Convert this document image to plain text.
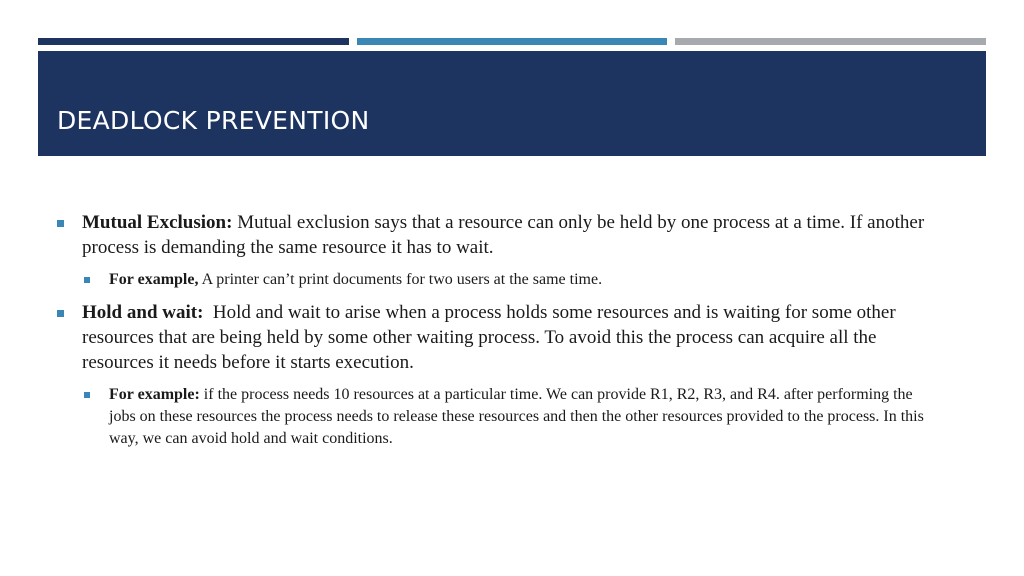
DEADLOCK PREVENTION
Mutual Exclusion: Mutual exclusion says that a resource can only be held by one process at a time. If another process is demanding the same resource it has to wait.
For example, A printer can’t print documents for two users at the same time.
Hold and wait:  Hold and wait to arise when a process holds some resources and is waiting for some other resources that are being held by some other waiting process. To avoid this the process can acquire all the resources it needs before it starts execution.
For example: if the process needs 10 resources at a particular time. We can provide R1, R2, R3, and R4. after performing the jobs on these resources the process needs to release these resources and then the other resources provided to the process. In this way, we can avoid hold and wait conditions.
